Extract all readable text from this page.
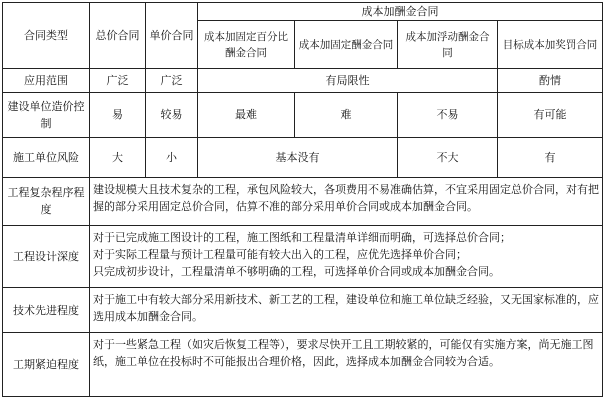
合同类型	总价合同	单价合同	成本加酬金合同			
			成本加固定百分比酬金合同	成本加固定酬金合同	成本加浮动酬金合同	目标成本加奖罚合同
应用范围	广泛	广泛	有局限性			酌情
建设单位造价控制	易	较易	最难	难	不易	有可能
施工单位风险	大	小	基本没有		不大	有
工程复杂程序程度	建设规模大且技术复杂的工程，承包风险较大，各项费用不易准确估算，不宜采用固定总价合同，对有把握的部分采用固定总价合同，估算不准的部分采用单价合同或成本加酬金合同。					

工程设计深度	对于已完成施工图设计的工程，施工图纸和工程量清单详细而明确，可选择总价合同；
对于实际工程量与预计工程量可能有较大出入的工程，应优先选择单价合同；
只完成初步设计，工程量清单不够明确的工程，可选择单价合同或成本加酬金合同。					

技术先进程度	对于施工中有较大部分采用新技术、新工艺的工程，建设单位和施工单位缺乏经验，又无国家标准的，应选用成本加酬金合同。					

工期紧迫程度	对于一些紧急工程（如灾后恢复工程等），要求尽快开工且工期较紧的，可能仅有实施方案，尚无施工图纸，施工单位在投标时不可能报出合理价格，因此，选择成本加酬金合同较为合适。					
